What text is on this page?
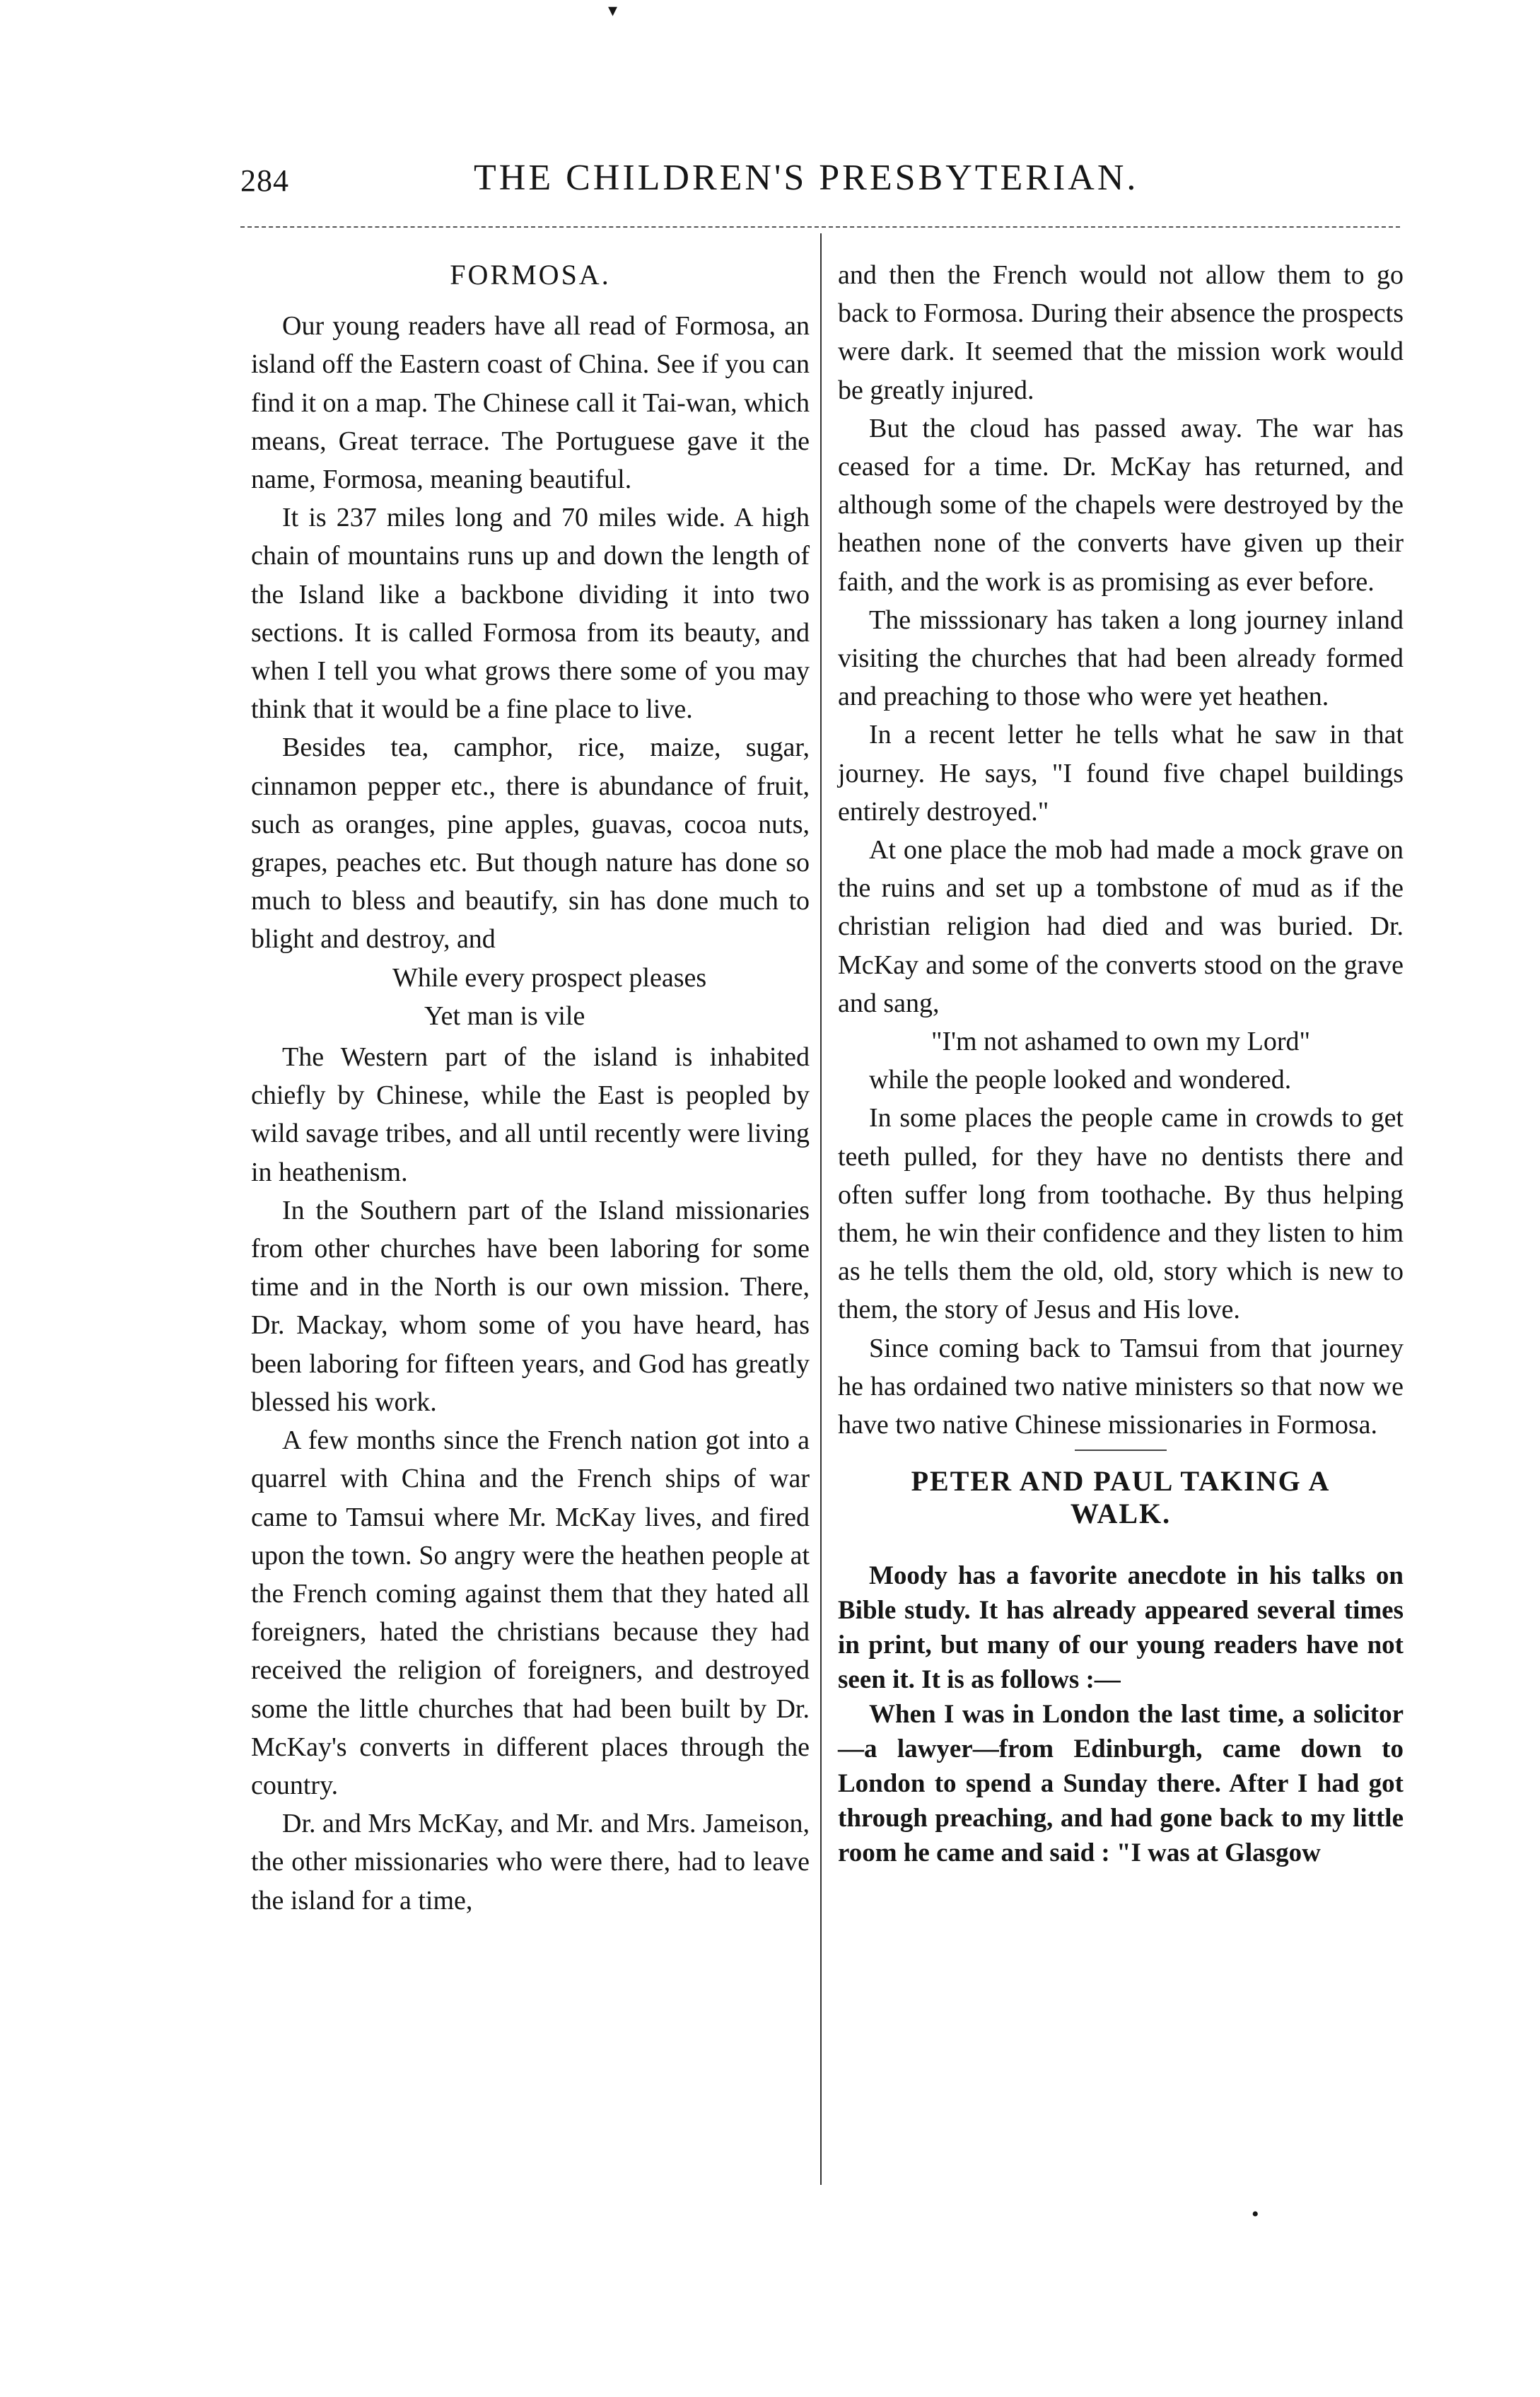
▾
284	THE CHILDREN'S PRESBYTERIAN.
FORMOSA.

Our young readers have all read of Formosa, an island off the Eastern coast of China. See if you can find it on a map. The Chinese call it Tai-wan, which means, Great terrace. The Portuguese gave it the name, Formosa, meaning beautiful.

It is 237 miles long and 70 miles wide. A high chain of mountains runs up and down the length of the Island like a backbone dividing it into two sections. It is called Formosa from its beauty, and when I tell you what grows there some of you may think that it would be a fine place to live.

Besides tea, camphor, rice, maize, sugar, cinnamon pepper etc., there is abundance of fruit, such as oranges, pine apples, guavas, cocoa nuts, grapes, peaches etc. But though nature has done so much to bless and beautify, sin has done much to blight and destroy, and

While every prospect pleases
Yet man is vile

The Western part of the island is inhabited chiefly by Chinese, while the East is peopled by wild savage tribes, and all until recently were living in heathenism.

In the Southern part of the Island missionaries from other churches have been laboring for some time and in the North is our own mission. There, Dr. Mackay, whom some of you have heard, has been laboring for fifteen years, and God has greatly blessed his work.

A few months since the French nation got into a quarrel with China and the French ships of war came to Tamsui where Mr. McKay lives, and fired upon the town. So angry were the heathen people at the French coming against them that they hated all foreigners, hated the christians because they had received the religion of foreigners, and destroyed some the little churches that had been built by Dr. McKay's converts in different places through the country.

Dr. and Mrs McKay, and Mr. and Mrs. Jameison, the other missionaries who were there, had to leave the island for a time,

and then the French would not allow them to go back to Formosa. During their absence the prospects were dark. It seemed that the mission work would be greatly injured.

But the cloud has passed away. The war has ceased for a time. Dr. McKay has returned, and although some of the chapels were destroyed by the heathen none of the converts have given up their faith, and the work is as promising as ever before.

The misssionary has taken a long journey inland visiting the churches that had been already formed and preaching to those who were yet heathen.

In a recent letter he tells what he saw in that journey. He says, "I found five chapel buildings entirely destroyed."

At one place the mob had made a mock grave on the ruins and set up a tombstone of mud as if the christian religion had died and was buried. Dr. McKay and some of the converts stood on the grave and sang,

"I'm not ashamed to own my Lord"

while the people looked and wondered.

In some places the people came in crowds to get teeth pulled, for they have no dentists there and often suffer long from toothache. By thus helping them, he win their confidence and they listen to him as he tells them the old, old, story which is new to them, the story of Jesus and His love.

Since coming back to Tamsui from that journey he has ordained two native ministers so that now we have two native Chinese missionaries in Formosa.

PETER AND PAUL TAKING A
WALK.

Moody has a favorite anecdote in his talks on Bible study. It has already appeared several times in print, but many of our young readers have not seen it. It is as follows :—

When I was in London the last time, a solicitor—a lawyer—from Edinburgh, came down to London to spend a Sunday there. After I had got through preaching, and had gone back to my little room he came and said : "I was at Glasgow

•
